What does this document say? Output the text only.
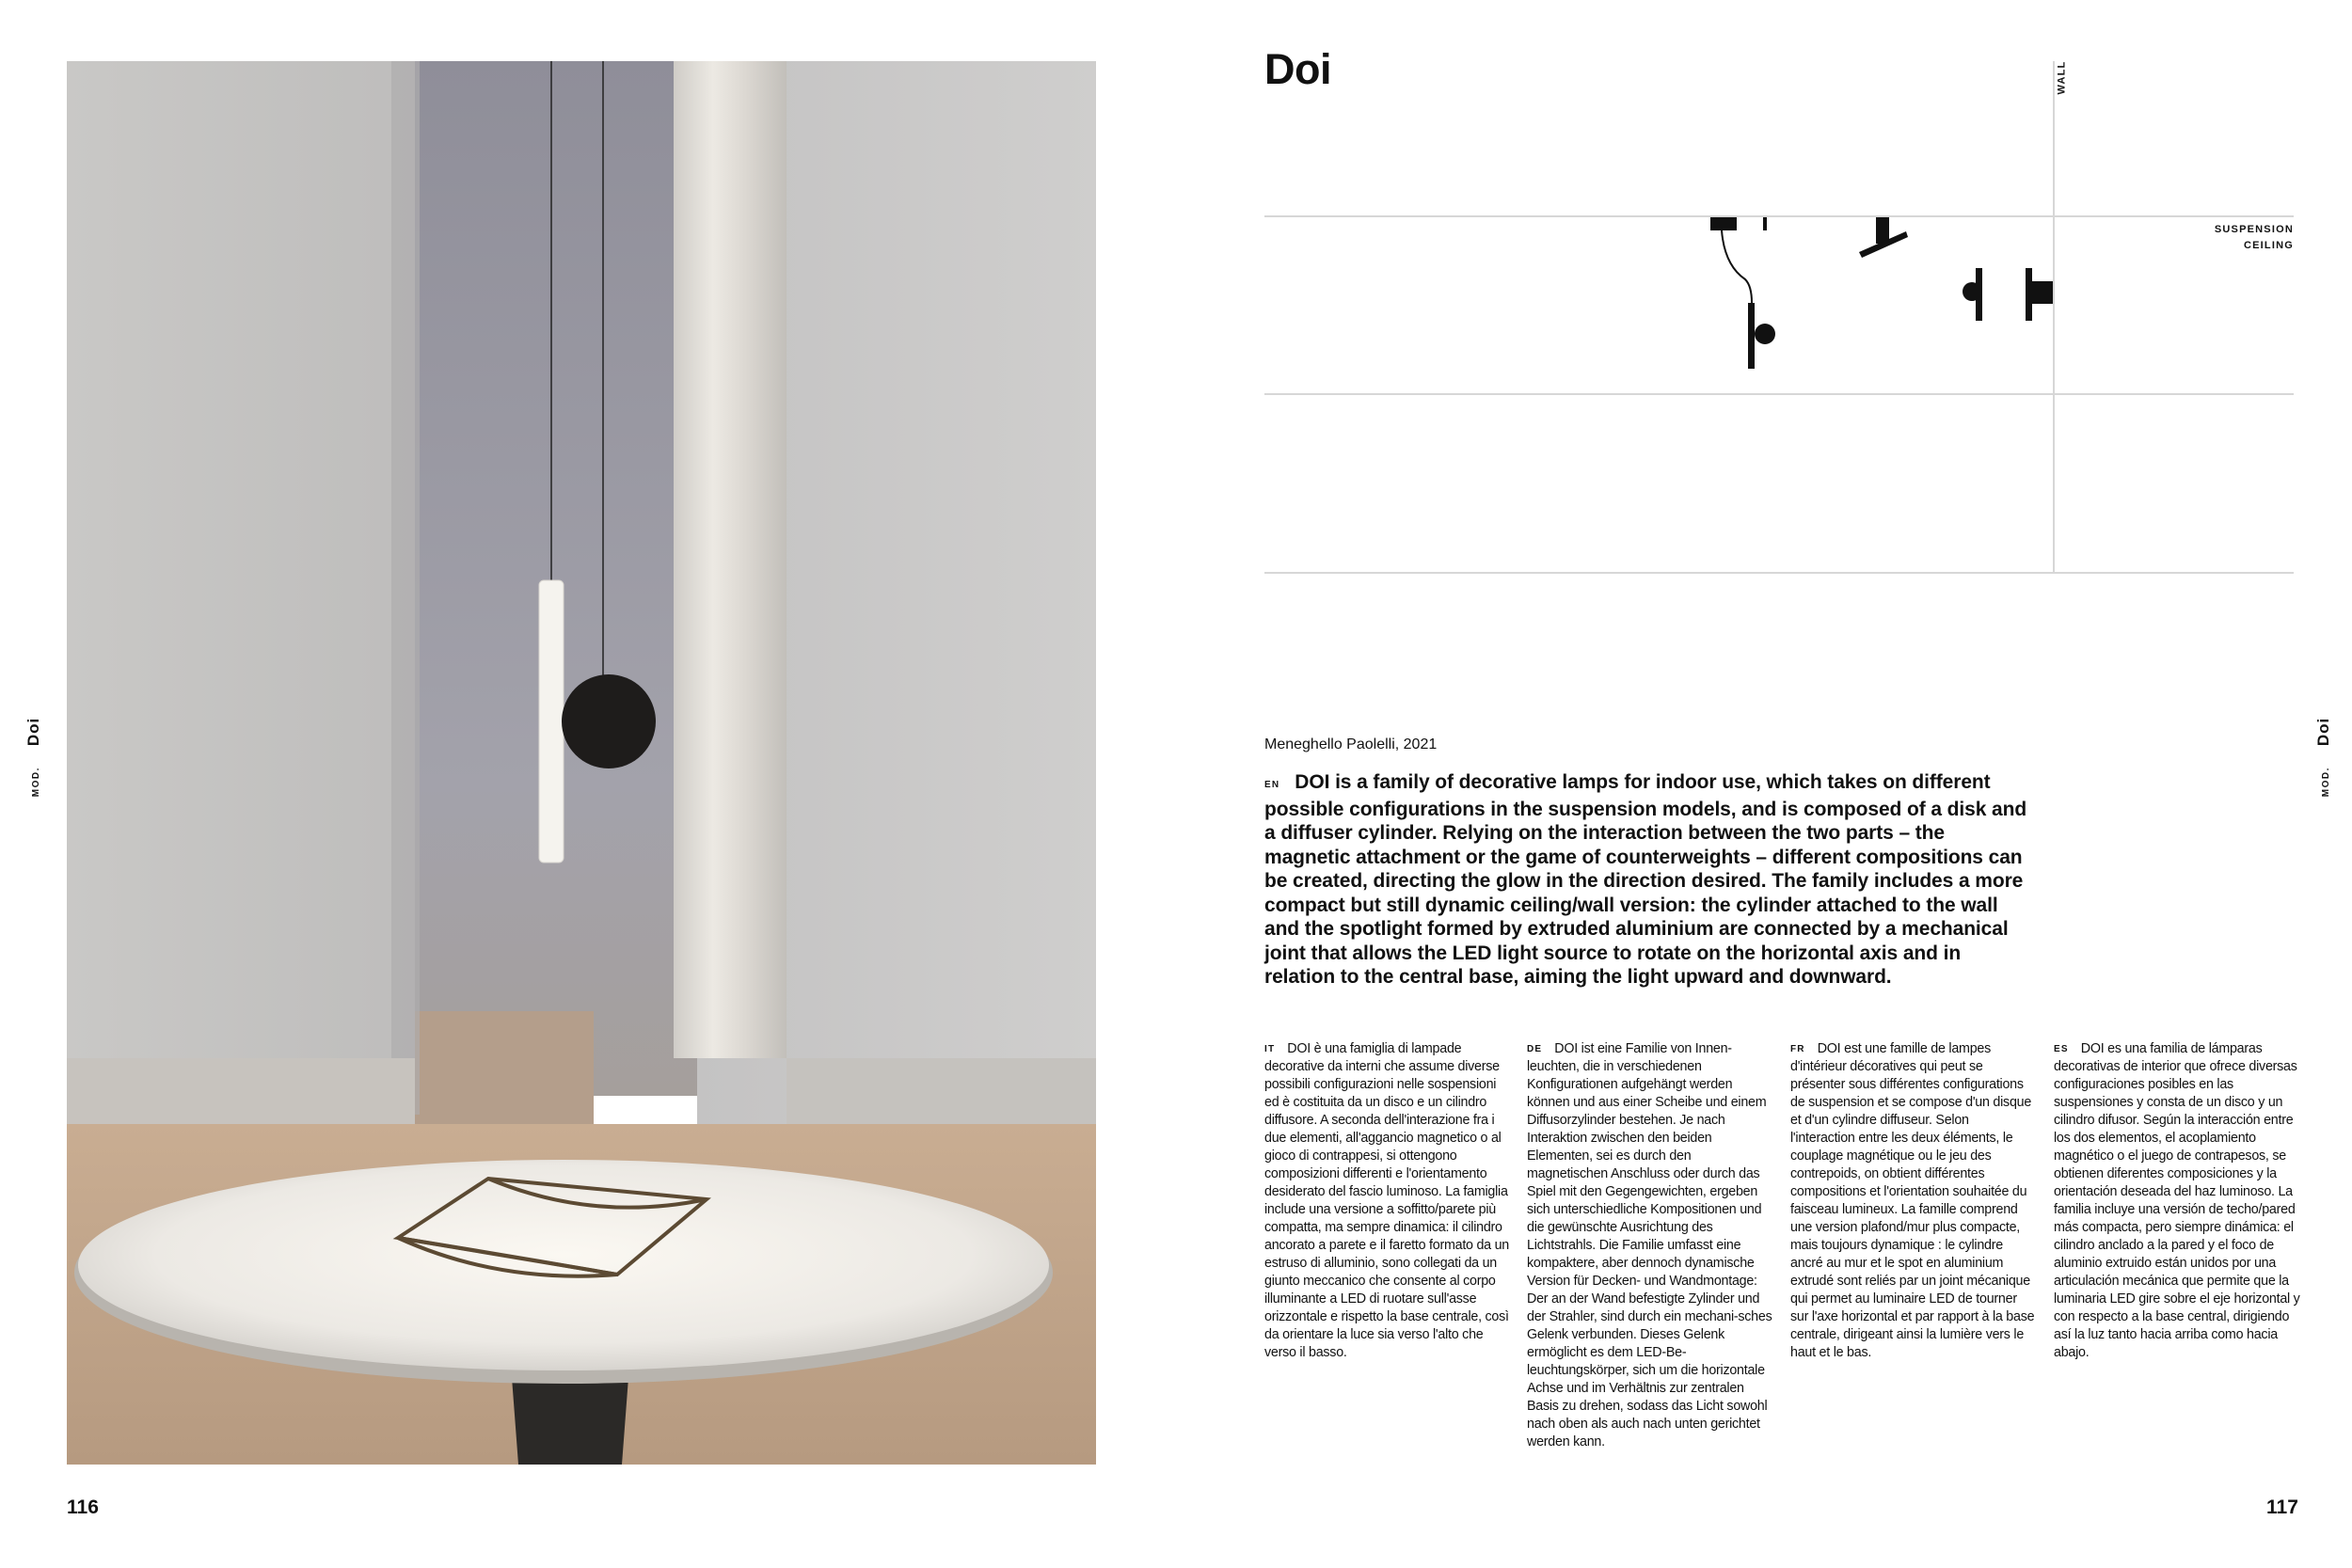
MOD.Doi
116
Doi	WALL
SUSPENSION
CEILING
Meneghello Paolelli, 2021
EN DOI is a family of decorative lamps for indoor use, which takes on different possible configurations in the suspension models, and is composed of a disk and a diffuser cylinder. Relying on the interaction between the two parts – the magnetic attachment or the game of counterweights – different compositions can be created, directing the glow in the direction desired. The family includes a more compact but still dynamic ceiling/wall version: the cylinder attached to the wall and the spotlight formed by extruded aluminium are connected by a mechanical joint that allows the LED light source to rotate on the horizontal axis and in relation to the central base, aiming the light upward and downward.
IT DOI è una famiglia di lampade decorative da interni che assume diverse possibili configurazioni nelle sospensioni ed è costituita da un disco e un cilindro diffusore. A seconda dell'interazione fra i due elementi, all'aggancio magnetico o al gioco di contrappesi, si ottengono composizioni differenti e l'orientamento desiderato del fascio luminoso. La famiglia include una versione a soffitto/parete più compatta, ma sempre dinamica: il cilindro ancorato a parete e il faretto formato da un estruso di alluminio, sono collegati da un giunto meccanico che consente al corpo illuminante a LED di ruotare sull'asse orizzontale e rispetto la base centrale, così da orientare la luce sia verso l'alto che verso il basso.
DE DOI ist eine Familie von Innen-leuchten, die in verschiedenen Konfigurationen aufgehängt werden können und aus einer Scheibe und einem Diffusorzylinder bestehen. Je nach Interaktion zwischen den beiden Elementen, sei es durch den magnetischen Anschluss oder durch das Spiel mit den Gegengewichten, ergeben sich unterschiedliche Kompositionen und die gewünschte Ausrichtung des Lichtstrahls. Die Familie umfasst eine kompaktere, aber dennoch dynamische Version für Decken- und Wandmontage: Der an der Wand befestigte Zylinder und der Strahler, sind durch ein mechani-sches Gelenk verbunden. Dieses Gelenk ermöglicht es dem LED-Be-leuchtungskörper, sich um die horizontale Achse und im Verhältnis zur zentralen Basis zu drehen, sodass das Licht sowohl nach oben als auch nach unten gerichtet werden kann.
FR DOI est une famille de lampes d'intérieur décoratives qui peut se présenter sous différentes configurations de suspension et se compose d'un disque et d'un cylindre diffuseur. Selon l'interaction entre les deux éléments, le couplage magnétique ou le jeu des contrepoids, on obtient différentes compositions et l'orientation souhaitée du faisceau lumineux. La famille comprend une version plafond/mur plus compacte, mais toujours dynamique : le cylindre ancré au mur et le spot en aluminium extrudé sont reliés par un joint mécanique qui permet au luminaire LED de tourner sur l'axe horizontal et par rapport à la base centrale, dirigeant ainsi la lumière vers le haut et le bas.
ES DOI es una familia de lámparas decorativas de interior que ofrece diversas configuraciones posibles en las suspensiones y consta de un disco y un cilindro difusor. Según la interacción entre los dos elementos, el acoplamiento magnético o el juego de contrapesos, se obtienen diferentes composiciones y la orientación deseada del haz luminoso. La familia incluye una versión de techo/pared más compacta, pero siempre dinámica: el cilindro anclado a la pared y el foco de aluminio extruido están unidos por una articulación mecánica que permite que la luminaria LED gire sobre el eje horizontal y con respecto a la base central, dirigiendo así la luz tanto hacia arriba como hacia abajo.
MOD.Doi
117
